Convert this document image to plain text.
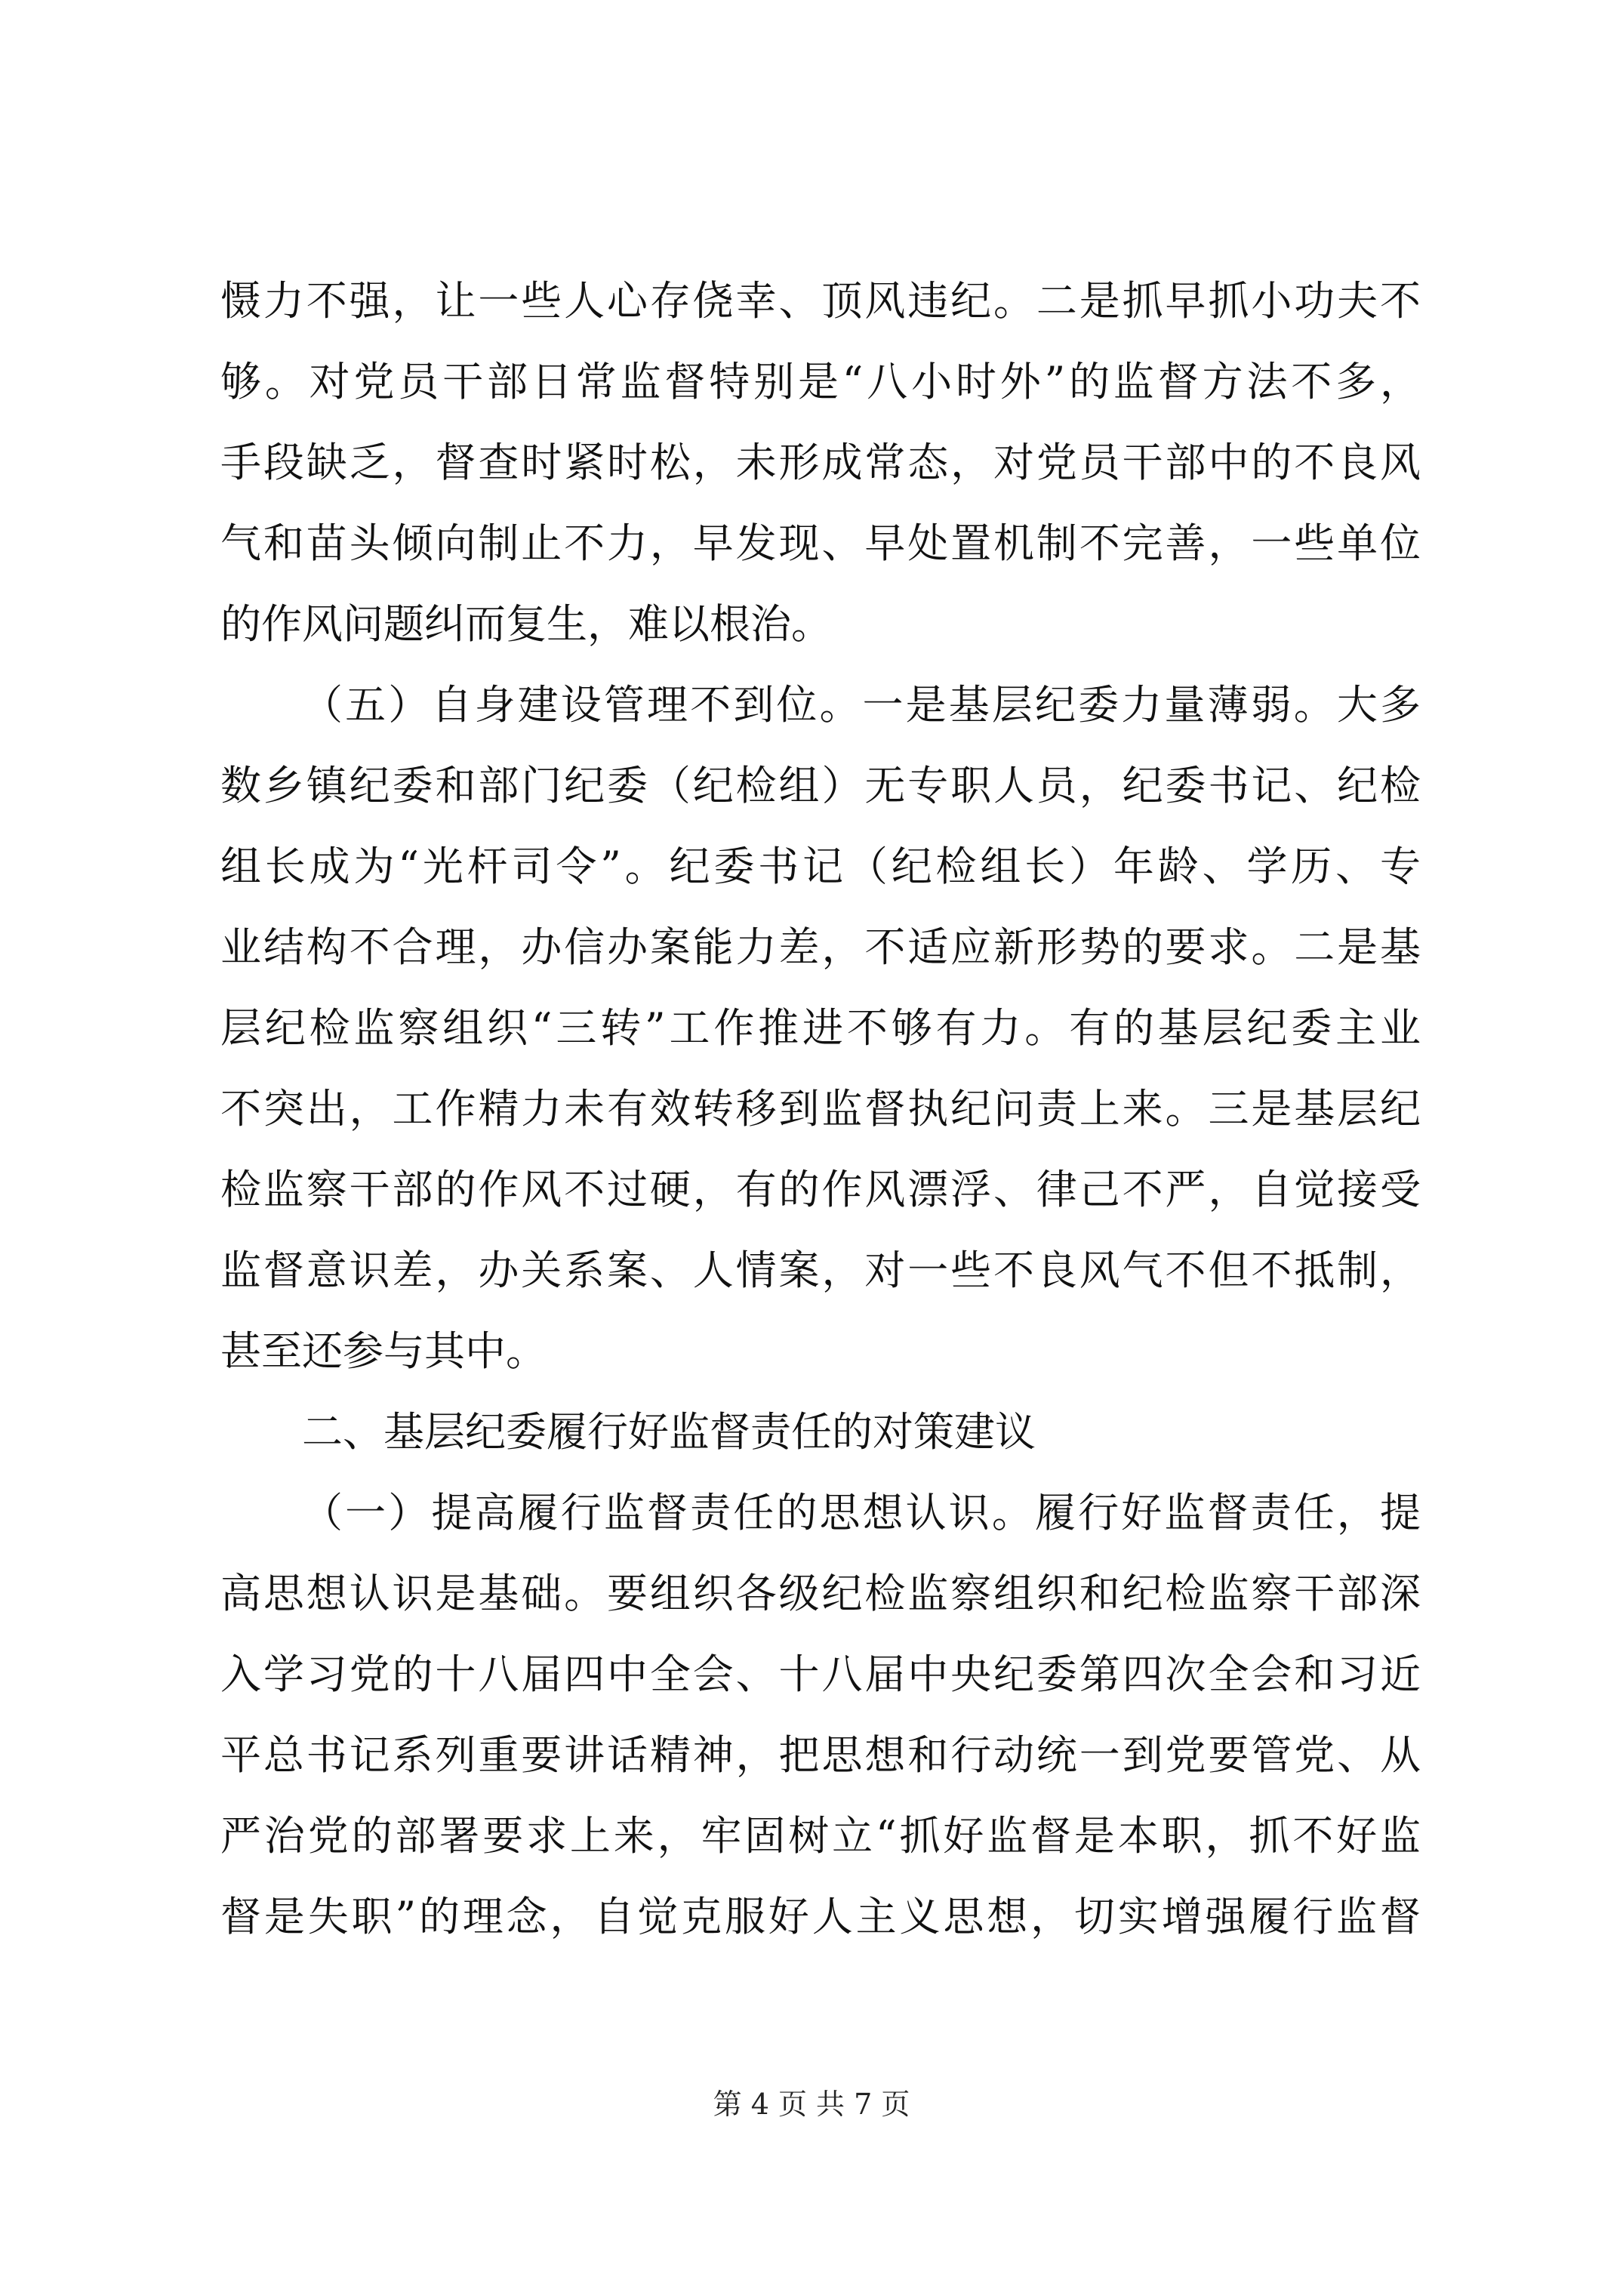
慑力不强，让一些人心存侥幸、顶风违纪。二是抓早抓小功夫不
够。对党员干部日常监督特别是“八小时外”的监督方法不多，
手段缺乏，督查时紧时松，未形成常态，对党员干部中的不良风
气和苗头倾向制止不力，早发现、早处置机制不完善，一些单位
的作风问题纠而复生，难以根治。
（五）自身建设管理不到位。一是基层纪委力量薄弱。大多
数乡镇纪委和部门纪委（纪检组）无专职人员，纪委书记、纪检
组长成为“光杆司令”。纪委书记（纪检组长）年龄、学历、专
业结构不合理，办信办案能力差，不适应新形势的要求。二是基
层纪检监察组织“三转”工作推进不够有力。有的基层纪委主业
不突出，工作精力未有效转移到监督执纪问责上来。三是基层纪
检监察干部的作风不过硬，有的作风漂浮、律己不严，自觉接受
监督意识差，办关系案、人情案，对一些不良风气不但不抵制，
甚至还参与其中。
二、基层纪委履行好监督责任的对策建议
（一）提高履行监督责任的思想认识。履行好监督责任，提
高思想认识是基础。要组织各级纪检监察组织和纪检监察干部深
入学习党的十八届四中全会、十八届中央纪委第四次全会和习近
平总书记系列重要讲话精神，把思想和行动统一到党要管党、从
严治党的部署要求上来，牢固树立“抓好监督是本职，抓不好监
督是失职”的理念，自觉克服好人主义思想，切实增强履行监督
第 4 页 共 7 页
